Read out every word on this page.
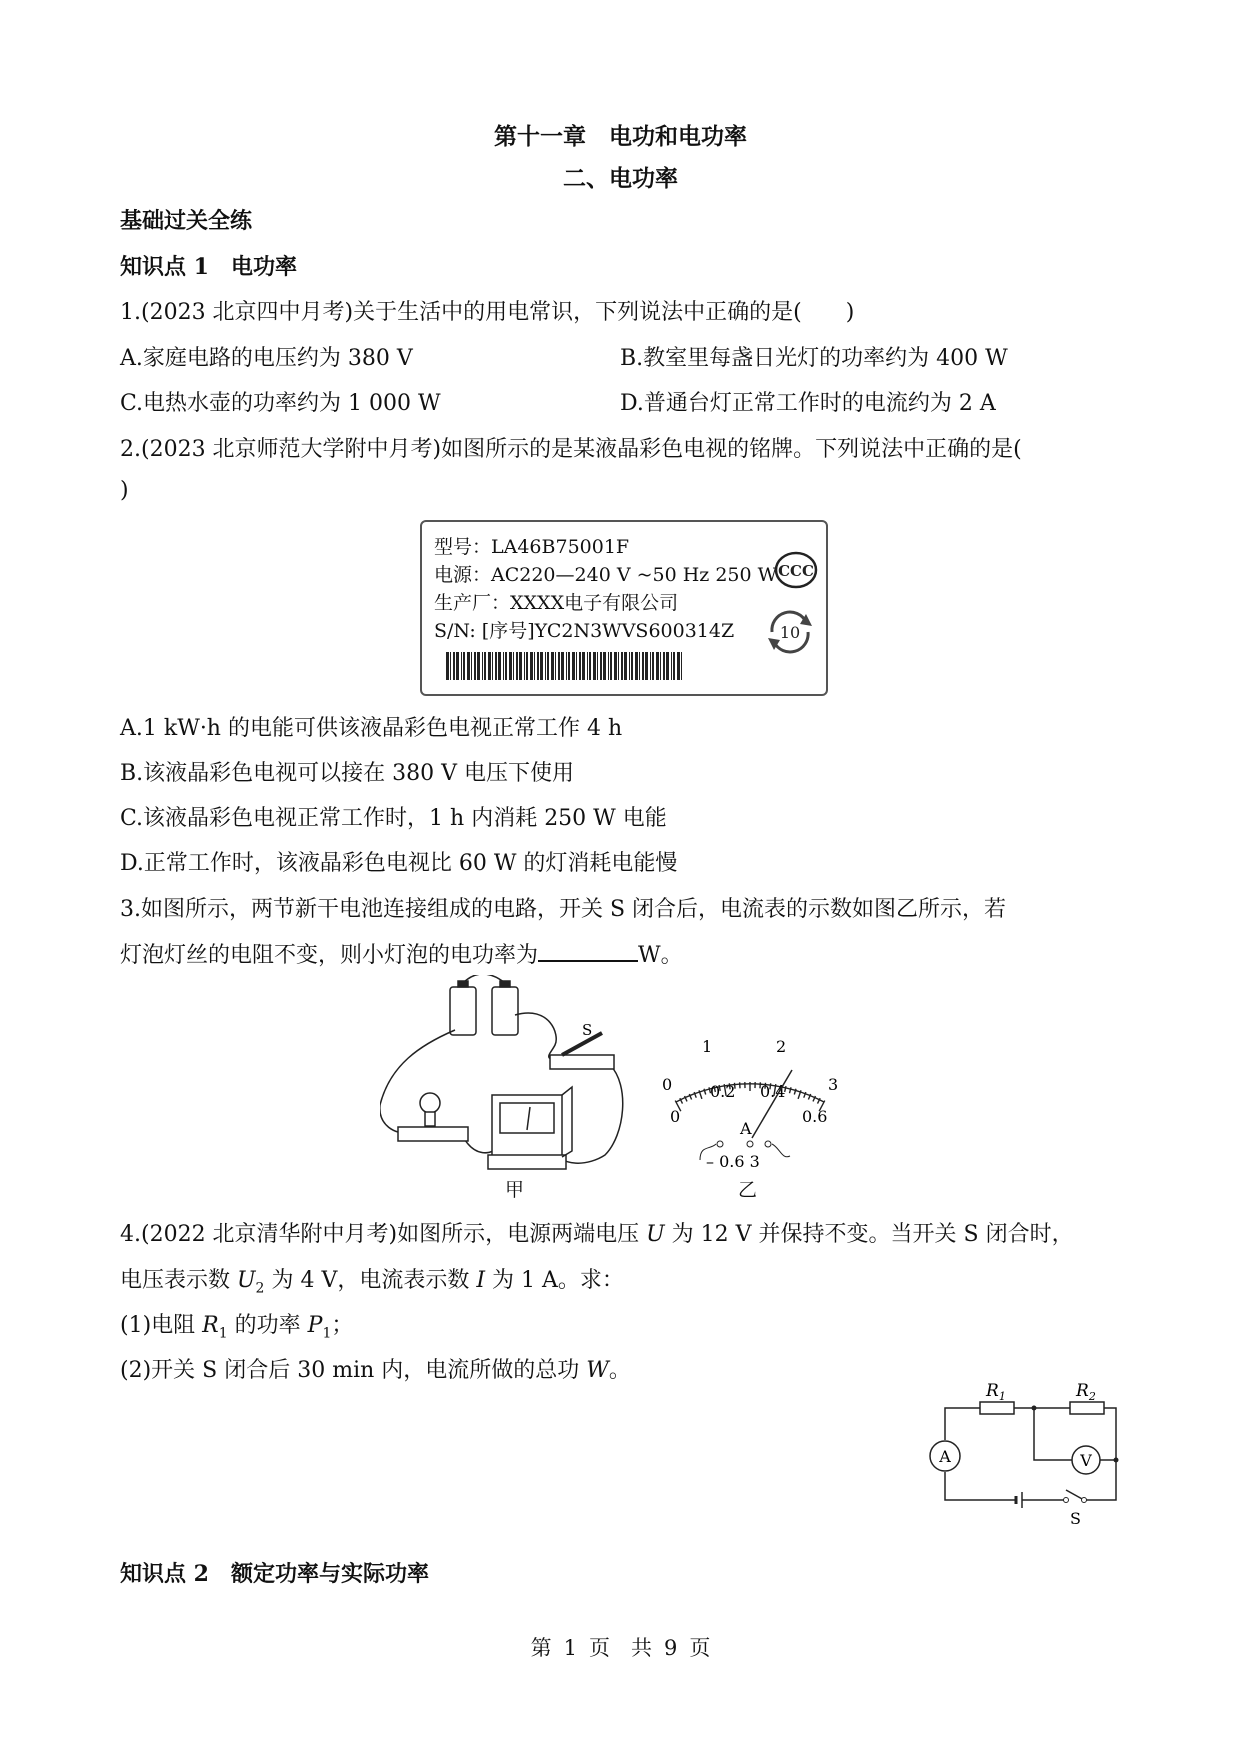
第十一章　电功和电功率
二、电功率
基础过关全练
知识点 1　电功率
1.(2023 北京四中月考)关于生活中的用电常识，下列说法中正确的是(　　)
A.家庭电路的电压约为 380 V	B.教室里每盏日光灯的功率约为 400 W
C.电热水壶的功率约为 1 000 W	D.普通台灯正常工作时的电流约为 2 A
2.(2023 北京师范大学附中月考)如图所示的是某液晶彩色电视的铭牌。下列说法中正确的是(
)
型号：LA46B75001F
电源：AC220—240 V ~50 Hz 250 W
生产厂：XXXX电子有限公司
S/N: [序号]YC2N3WVS600314Z
CCC
10
A.1 kW·h 的电能可供该液晶彩色电视正常工作 4 h
B.该液晶彩色电视可以接在 380 V 电压下使用
C.该液晶彩色电视正常工作时，1 h 内消耗 250 W 电能
D.正常工作时，该液晶彩色电视比 60 W 的灯消耗电能慢
3.如图所示，两节新干电池连接组成的电路，开关 S 闭合后，电流表的示数如图乙所示，若
灯泡灯丝的电阻不变，则小灯泡的电功率为	W。
S
甲
0
1	2
3
0
0.2 0.4
0.6
A
– 0.6 3
乙
4.(2022 北京清华附中月考)如图所示，电源两端电压 U 为 12 V 并保持不变。当开关 S 闭合时，
电压表示数 $U_2$ 为 4 V，电流表示数 I 为 1 A。求：
(1)电阻 $R_1$ 的功率 $P_1$；
(2)开关 S 闭合后 30 min 内，电流所做的总功 W。
A	V
$R_1$	$R_2$
S
知识点 2　额定功率与实际功率
第 1 页　共 9 页
